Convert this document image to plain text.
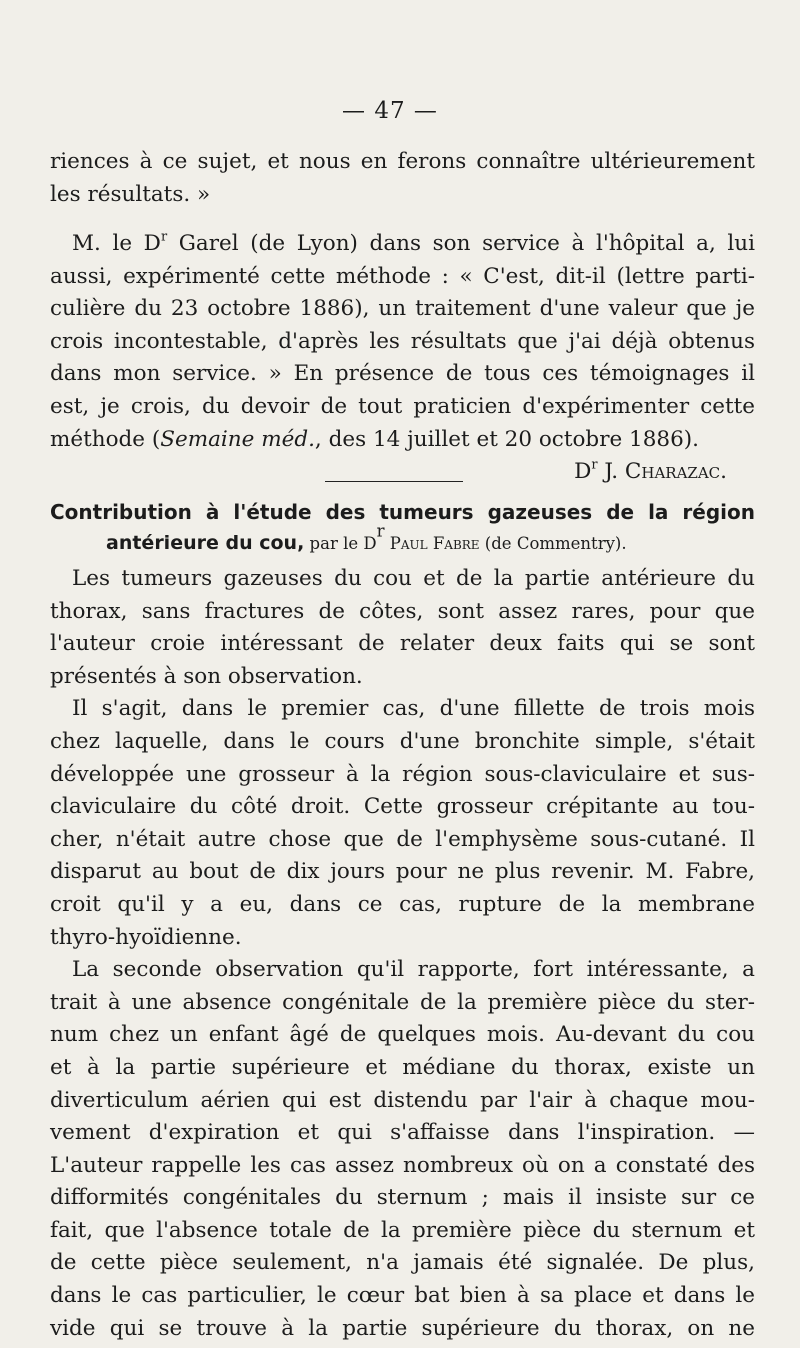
— 47 —
riences à ce sujet, et nous en ferons connaître ultérieurement
les résultats. »
M. le $D^r$ Garel (de Lyon) dans son service à l'hôpital a, lui
aussi, expérimenté cette méthode : « C'est, dit-il (lettre parti-
culière du 23 octobre 1886), un traitement d'une valeur que je
crois incontestable, d'après les résultats que j'ai déjà obtenus
dans mon service. » En présence de tous ces témoignages il
est, je crois, du devoir de tout praticien d'expérimenter cette
méthode (Semaine méd., des 14 juillet et 20 octobre 1886).
$D^r$ J. Charazac.
Contribution à l'étude des tumeurs gazeuses de la région
antérieure du cou, par le $D^r$ Paul Fabre (de Commentry).
Les tumeurs gazeuses du cou et de la partie antérieure du
thorax, sans fractures de côtes, sont assez rares, pour que
l'auteur croie intéressant de relater deux faits qui se sont
présentés à son observation.
Il s'agit, dans le premier cas, d'une fillette de trois mois
chez laquelle, dans le cours d'une bronchite simple, s'était
développée une grosseur à la région sous-claviculaire et sus-
claviculaire du côté droit. Cette grosseur crépitante au tou-
cher, n'était autre chose que de l'emphysème sous-cutané. Il
disparut au bout de dix jours pour ne plus revenir. M. Fabre,
croit qu'il y a eu, dans ce cas, rupture de la membrane
thyro-hyoïdienne.
La seconde observation qu'il rapporte, fort intéressante, a
trait à une absence congénitale de la première pièce du ster-
num chez un enfant âgé de quelques mois. Au-devant du cou
et à la partie supérieure et médiane du thorax, existe un
diverticulum aérien qui est distendu par l'air à chaque mou-
vement d'expiration et qui s'affaisse dans l'inspiration. —
L'auteur rappelle les cas assez nombreux où on a constaté des
difformités congénitales du sternum ; mais il insiste sur ce
fait, que l'absence totale de la première pièce du sternum et
de cette pièce seulement, n'a jamais été signalée. De plus,
dans le cas particulier, le cœur bat bien à sa place et dans le
vide qui se trouve à la partie supérieure du thorax, on ne
